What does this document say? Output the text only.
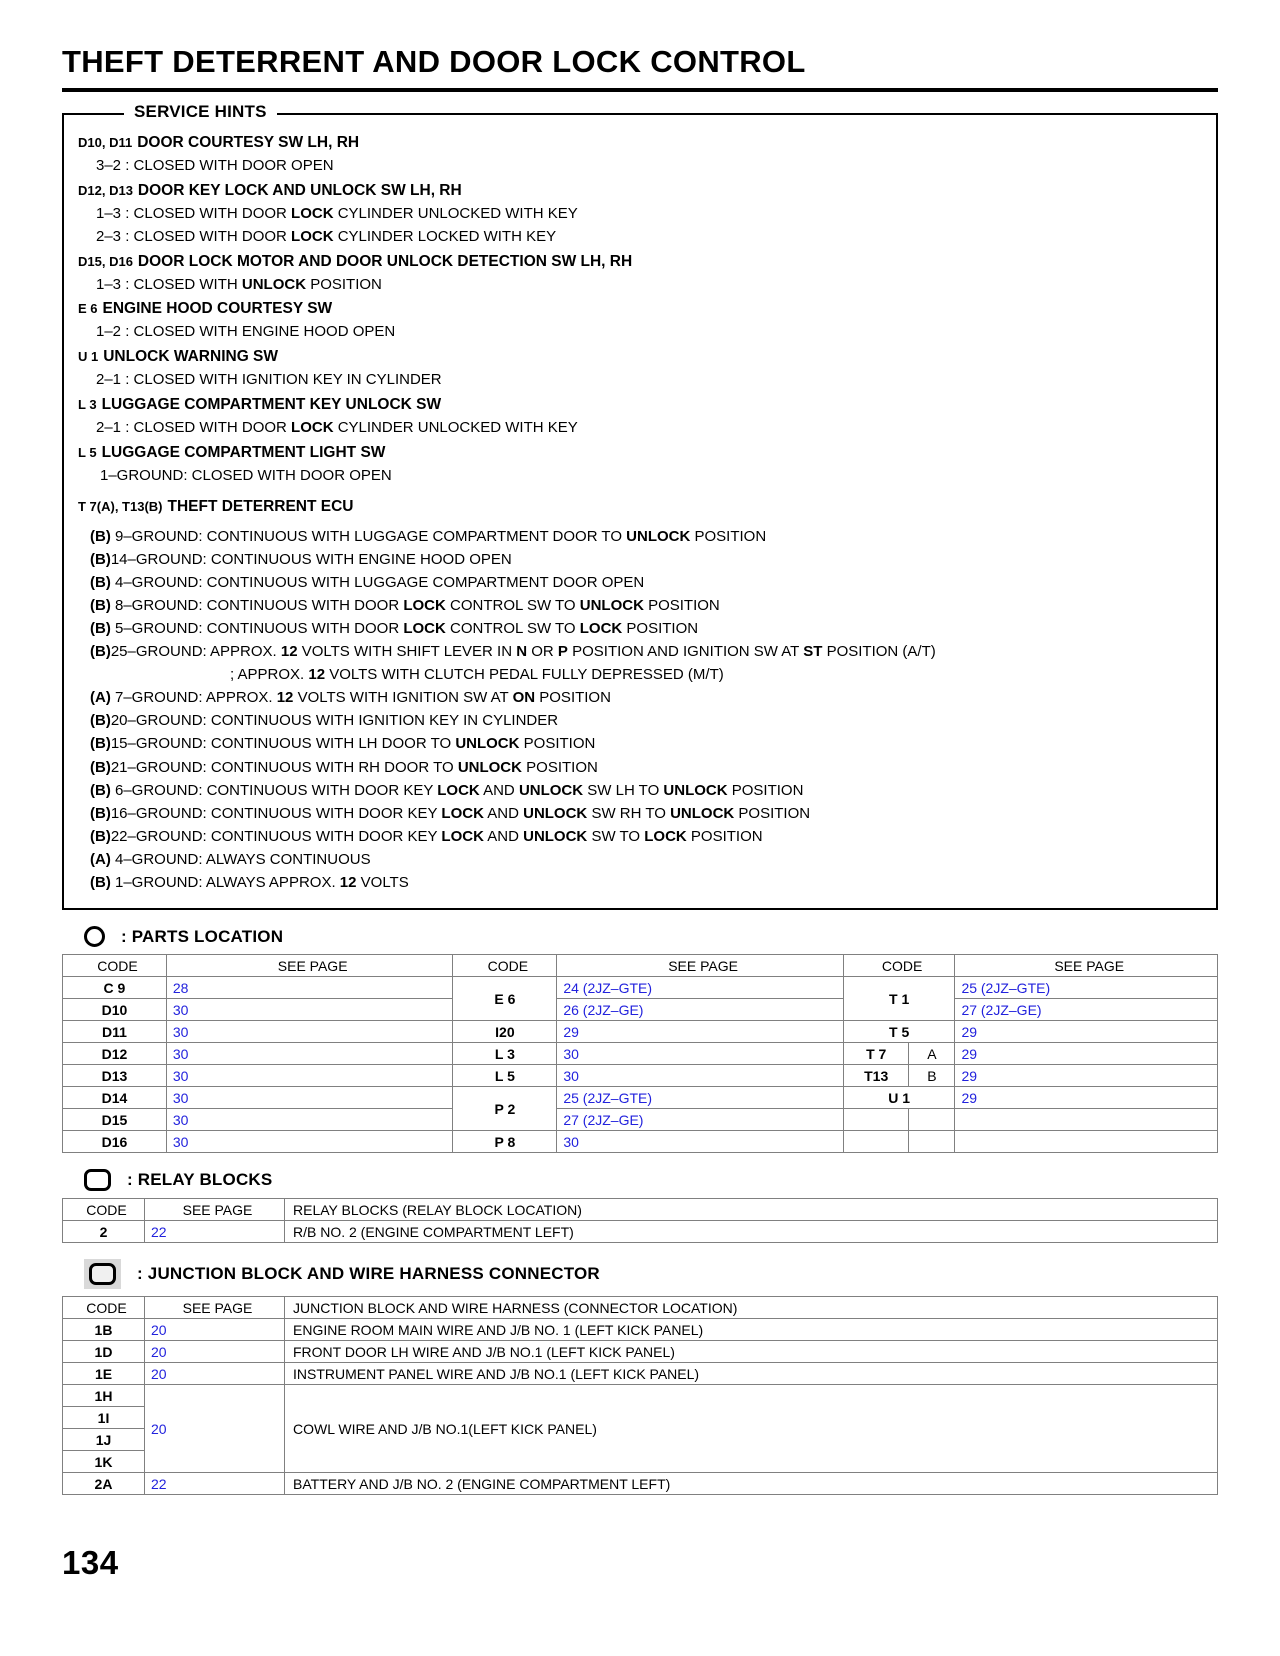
THEFT DETERRENT AND DOOR LOCK CONTROL
SERVICE HINTS
D10, D11 DOOR COURTESY SW LH, RH
3–2 : CLOSED WITH DOOR OPEN
D12, D13 DOOR KEY LOCK AND UNLOCK SW LH, RH
1–3 : CLOSED WITH DOOR LOCK CYLINDER UNLOCKED WITH KEY
2–3 : CLOSED WITH DOOR LOCK CYLINDER LOCKED WITH KEY
D15, D16 DOOR LOCK MOTOR AND DOOR UNLOCK DETECTION SW LH, RH
1–3 : CLOSED WITH UNLOCK POSITION
E 6 ENGINE HOOD COURTESY SW
1–2 : CLOSED WITH ENGINE HOOD OPEN
U 1 UNLOCK WARNING SW
2–1 : CLOSED WITH IGNITION KEY IN CYLINDER
L 3 LUGGAGE COMPARTMENT KEY UNLOCK SW
2–1 : CLOSED WITH DOOR LOCK CYLINDER UNLOCKED WITH KEY
L 5 LUGGAGE COMPARTMENT LIGHT SW
1–GROUND: CLOSED WITH DOOR OPEN
T 7(A), T13(B) THEFT DETERRENT ECU
(B) 9–GROUND: CONTINUOUS WITH LUGGAGE COMPARTMENT DOOR TO UNLOCK POSITION
(B)14–GROUND: CONTINUOUS WITH ENGINE HOOD OPEN
(B) 4–GROUND: CONTINUOUS WITH LUGGAGE COMPARTMENT DOOR OPEN
(B) 8–GROUND: CONTINUOUS WITH DOOR LOCK CONTROL SW TO UNLOCK POSITION
(B) 5–GROUND: CONTINUOUS WITH DOOR LOCK CONTROL SW TO LOCK POSITION
(B)25–GROUND: APPROX. 12 VOLTS WITH SHIFT LEVER IN N OR P POSITION AND IGNITION SW AT ST POSITION (A/T)
; APPROX. 12 VOLTS WITH CLUTCH PEDAL FULLY DEPRESSED (M/T)
(A) 7–GROUND: APPROX. 12 VOLTS WITH IGNITION SW AT ON POSITION
(B)20–GROUND: CONTINUOUS WITH IGNITION KEY IN CYLINDER
(B)15–GROUND: CONTINUOUS WITH LH DOOR TO UNLOCK POSITION
(B)21–GROUND: CONTINUOUS WITH RH DOOR TO UNLOCK POSITION
(B) 6–GROUND: CONTINUOUS WITH DOOR KEY LOCK AND UNLOCK SW LH TO UNLOCK POSITION
(B)16–GROUND: CONTINUOUS WITH DOOR KEY LOCK AND UNLOCK SW RH TO UNLOCK POSITION
(B)22–GROUND: CONTINUOUS WITH DOOR KEY LOCK AND UNLOCK SW TO LOCK POSITION
(A) 4–GROUND: ALWAYS CONTINUOUS
(B) 1–GROUND: ALWAYS APPROX. 12 VOLTS
: PARTS LOCATION
CODE	SEE PAGE	CODE	SEE PAGE	CODE		SEE PAGE
C 9	28	E 6	24 (2JZ–GTE)	T 1		25 (2JZ–GTE)
D10	30		26 (2JZ–GE)			27 (2JZ–GE)
D11	30	I20	29	T 5		29
D12	30	L 3	30	T 7	A	29
D13	30	L 5	30	T13	B	29
D14	30	P 2	25 (2JZ–GTE)	U 1		29
D15	30		27 (2JZ–GE)			
D16	30	P 8	30			
: RELAY BLOCKS
CODE	SEE PAGE	RELAY BLOCKS (RELAY BLOCK LOCATION)
2	22	R/B NO. 2 (ENGINE COMPARTMENT LEFT)
: JUNCTION BLOCK AND WIRE HARNESS CONNECTOR
CODE	SEE PAGE	JUNCTION BLOCK AND WIRE HARNESS (CONNECTOR LOCATION)
1B	20	ENGINE ROOM MAIN WIRE AND J/B NO. 1 (LEFT KICK PANEL)
1D	20	FRONT DOOR LH WIRE AND J/B NO.1 (LEFT KICK PANEL)
1E	20	INSTRUMENT PANEL WIRE AND J/B NO.1 (LEFT KICK PANEL)
1H	20	COWL WIRE AND J/B NO.1(LEFT KICK PANEL)
1I		
1J		
1K		
2A	22	BATTERY AND J/B NO. 2 (ENGINE COMPARTMENT LEFT)
134
